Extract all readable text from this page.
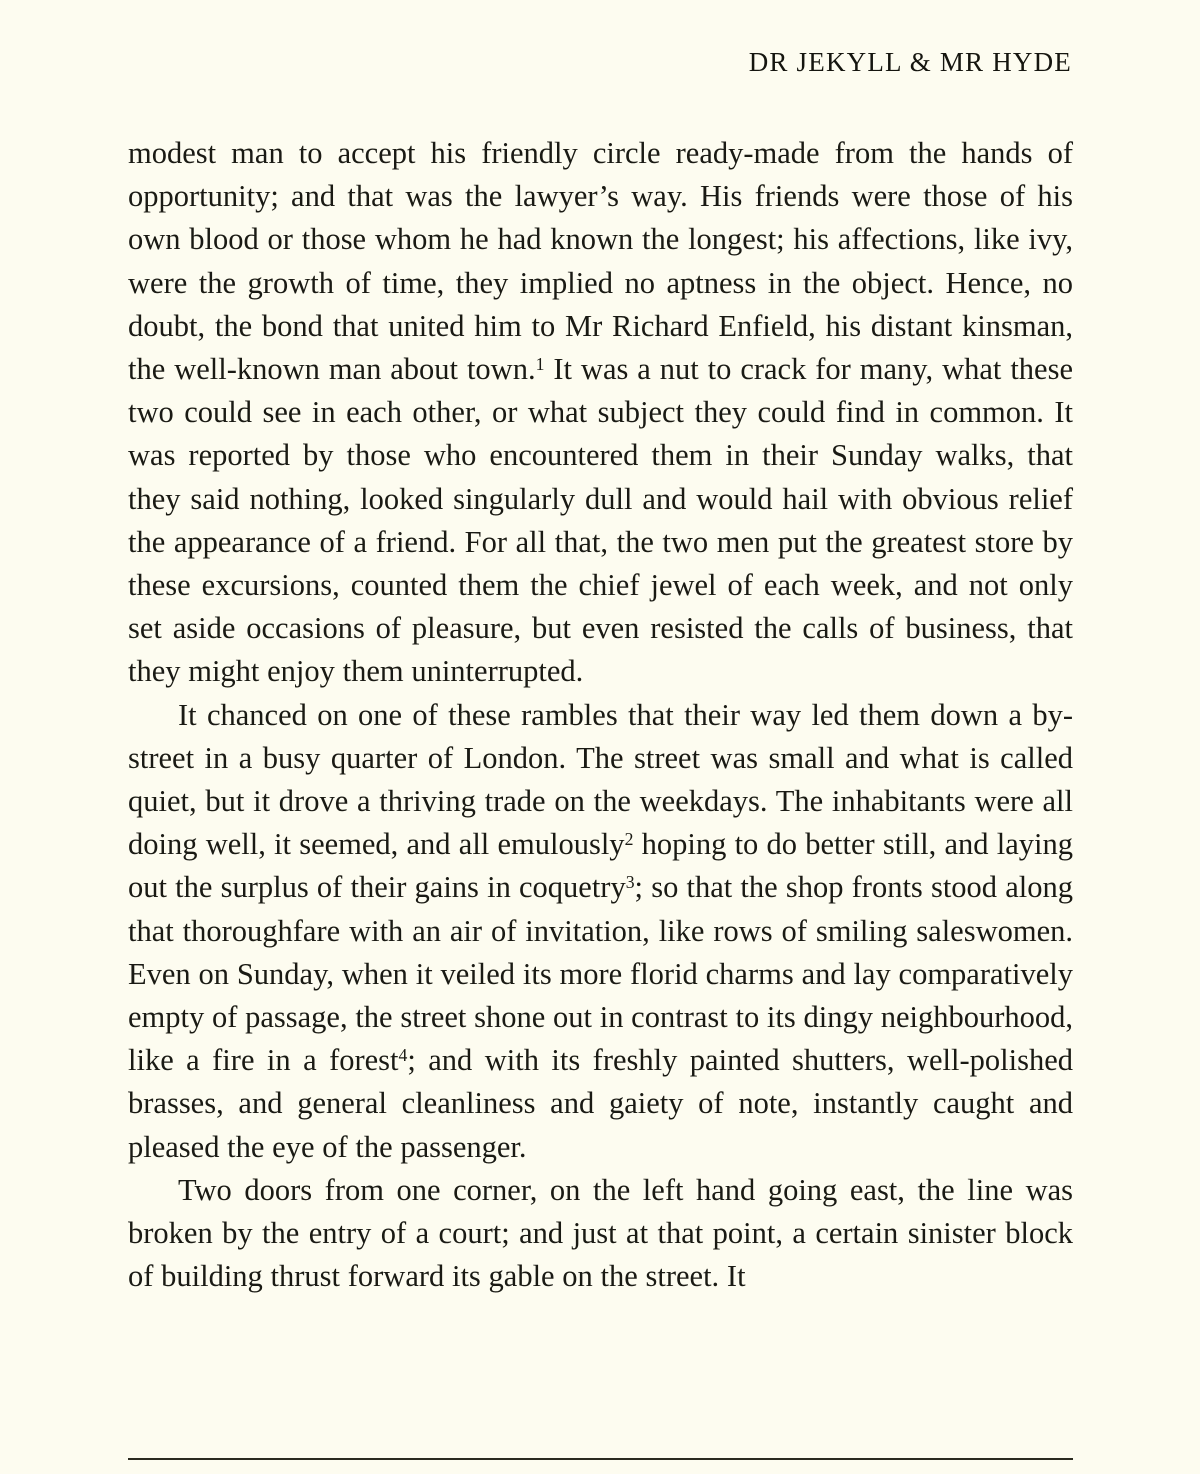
DR JEKYLL & MR HYDE

modest man to accept his friendly circle ready-made from the hands of opportunity; and that was the lawyer’s way. His friends were those of his own blood or those whom he had known the longest; his affections, like ivy, were the growth of time, they implied no aptness in the object. Hence, no doubt, the bond that united him to Mr Richard Enfield, his distant kinsman, the well-known man about town.$^1$ It was a nut to crack for many, what these two could see in each other, or what subject they could find in common. It was reported by those who encountered them in their Sunday walks, that they said nothing, looked singularly dull and would hail with obvious relief the appearance of a friend. For all that, the two men put the greatest store by these excursions, counted them the chief jewel of each week, and not only set aside occasions of pleasure, but even resisted the calls of business, that they might enjoy them uninterrupted.

It chanced on one of these rambles that their way led them down a by-street in a busy quarter of London. The street was small and what is called quiet, but it drove a thriving trade on the weekdays. The inhabitants were all doing well, it seemed, and all emulously$^2$ hoping to do better still, and laying out the surplus of their gains in coquetry$^3$; so that the shop fronts stood along that thoroughfare with an air of invitation, like rows of smiling saleswomen. Even on Sunday, when it veiled its more florid charms and lay comparatively empty of passage, the street shone out in contrast to its dingy neighbourhood, like a fire in a forest$^4$; and with its freshly painted shutters, well-polished brasses, and general cleanliness and gaiety of note, instantly caught and pleased the eye of the passenger.

Two doors from one corner, on the left hand going east, the line was broken by the entry of a court; and just at that point, a certain sinister block of building thrust forward its gable on the street. It
